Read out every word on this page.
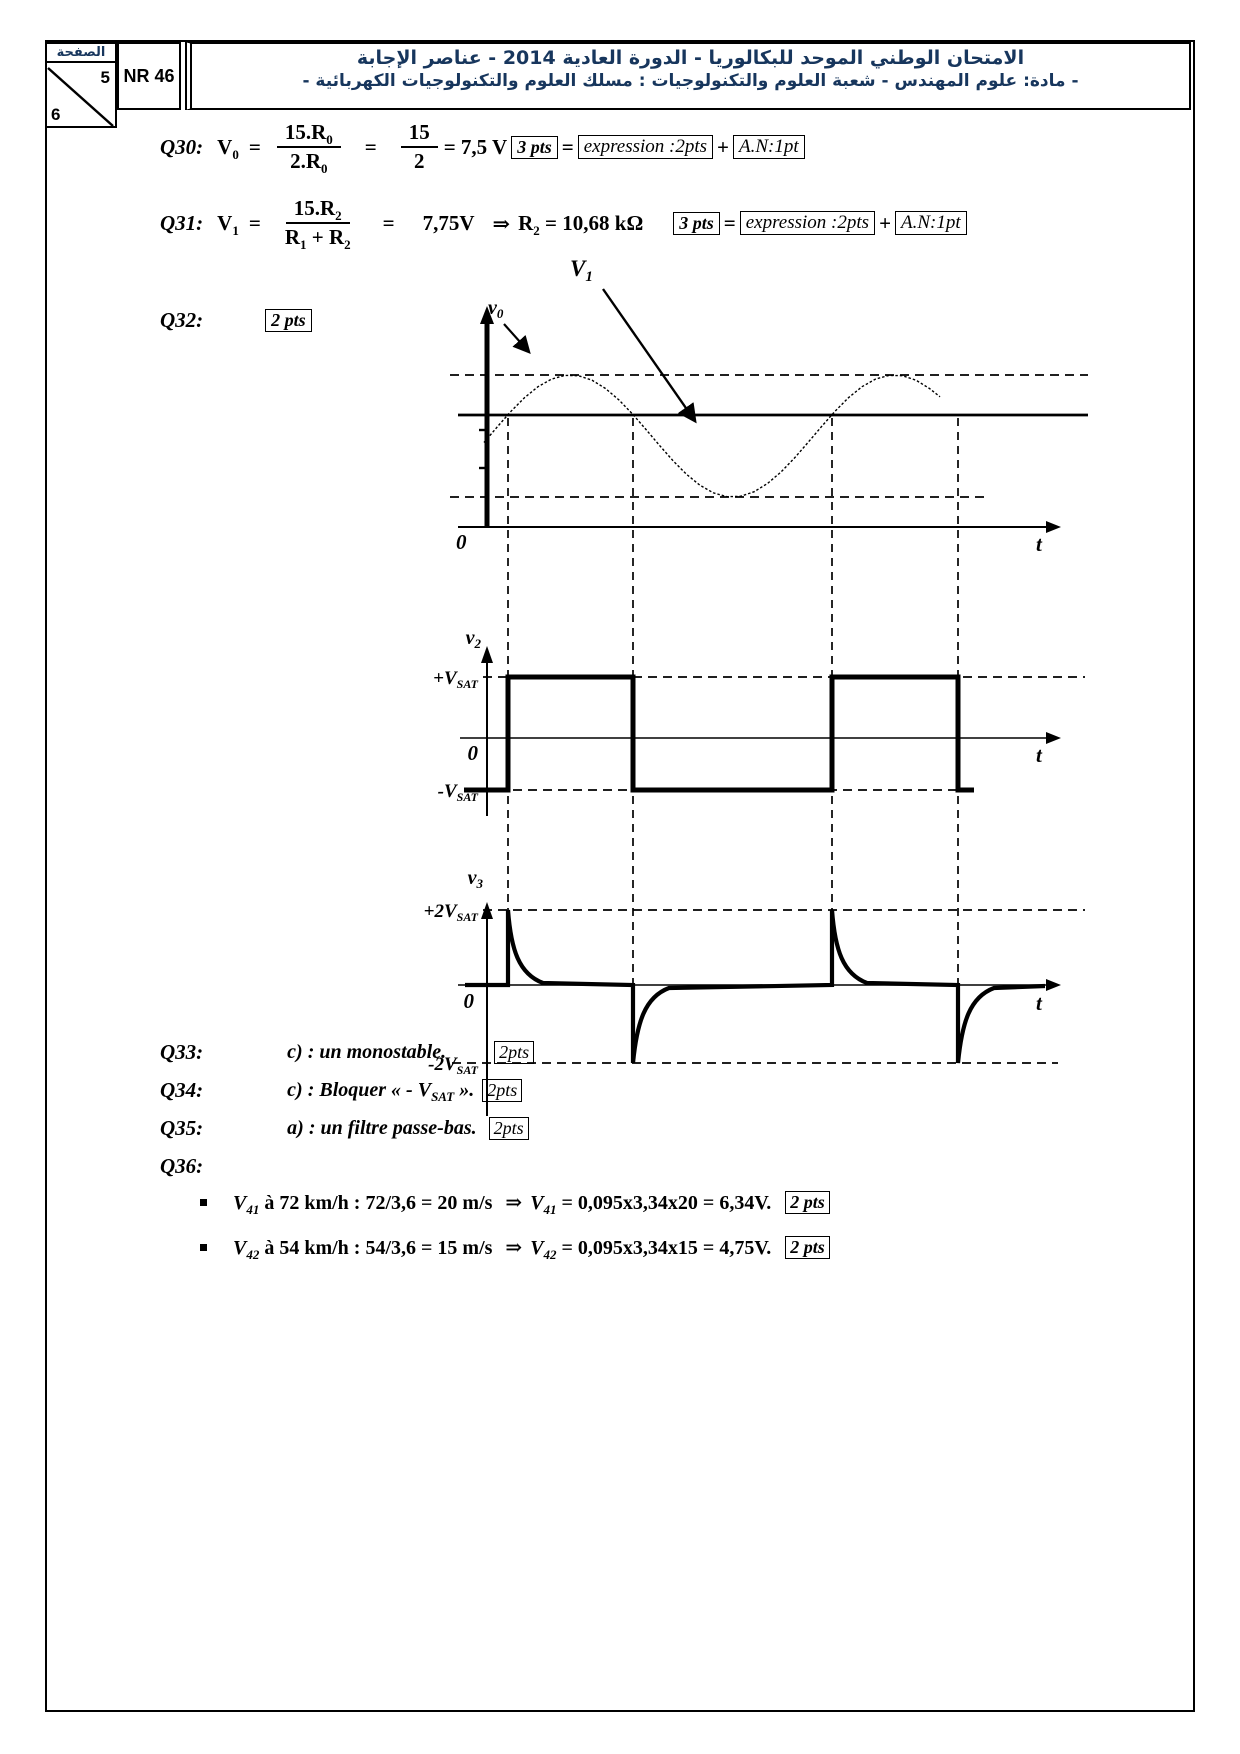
الصفحة
5
6
NR 46
الامتحان الوطني الموحد للبكالوريا - الدورة العادية 2014 - عناصر الإجابة
- مادة: علوم المهندس - شعبة العلوم والتكنولوجيات : مسلك العلوم والتكنولوجيات الكهربائية -
Q30: $V_0 = \frac{15.R_0}{2.R_0} = \frac{15}{2} = 7,5$ V 3 pts = expression :2pts + A.N:1pt
Q31: $V_1 = \frac{15.R_2}{R_1 + R_2} = 7,75V$ ⇒ $R_2 = 10,68$ kΩ	3 pts = expression :2pts + A.N:1pt
Q32:	2 pts
$v_0$
$V_1$
0	t
$v_2$
$+V_{SAT}$
0
$-V_{SAT}$
t
$v_3$
$+2V_{SAT}$
0
$-2V_{SAT}$
t
Q33:	c) : un monostable.	2pts
Q34:	c) : Bloquer « - $V_{SAT}$ ». 2pts
Q35:	a) : un filtre passe-bas. 2pts
Q36:
$V_{41}$ à 72 km/h : 72/3,6 = 20 m/s ⇒ $V_{41} = 0,095x3,34x20 = 6,34V$. 2 pts
$V_{42}$ à 54 km/h : 54/3,6 = 15 m/s ⇒ $V_{42} = 0,095x3,34x15 = 4,75V$. 2 pts
